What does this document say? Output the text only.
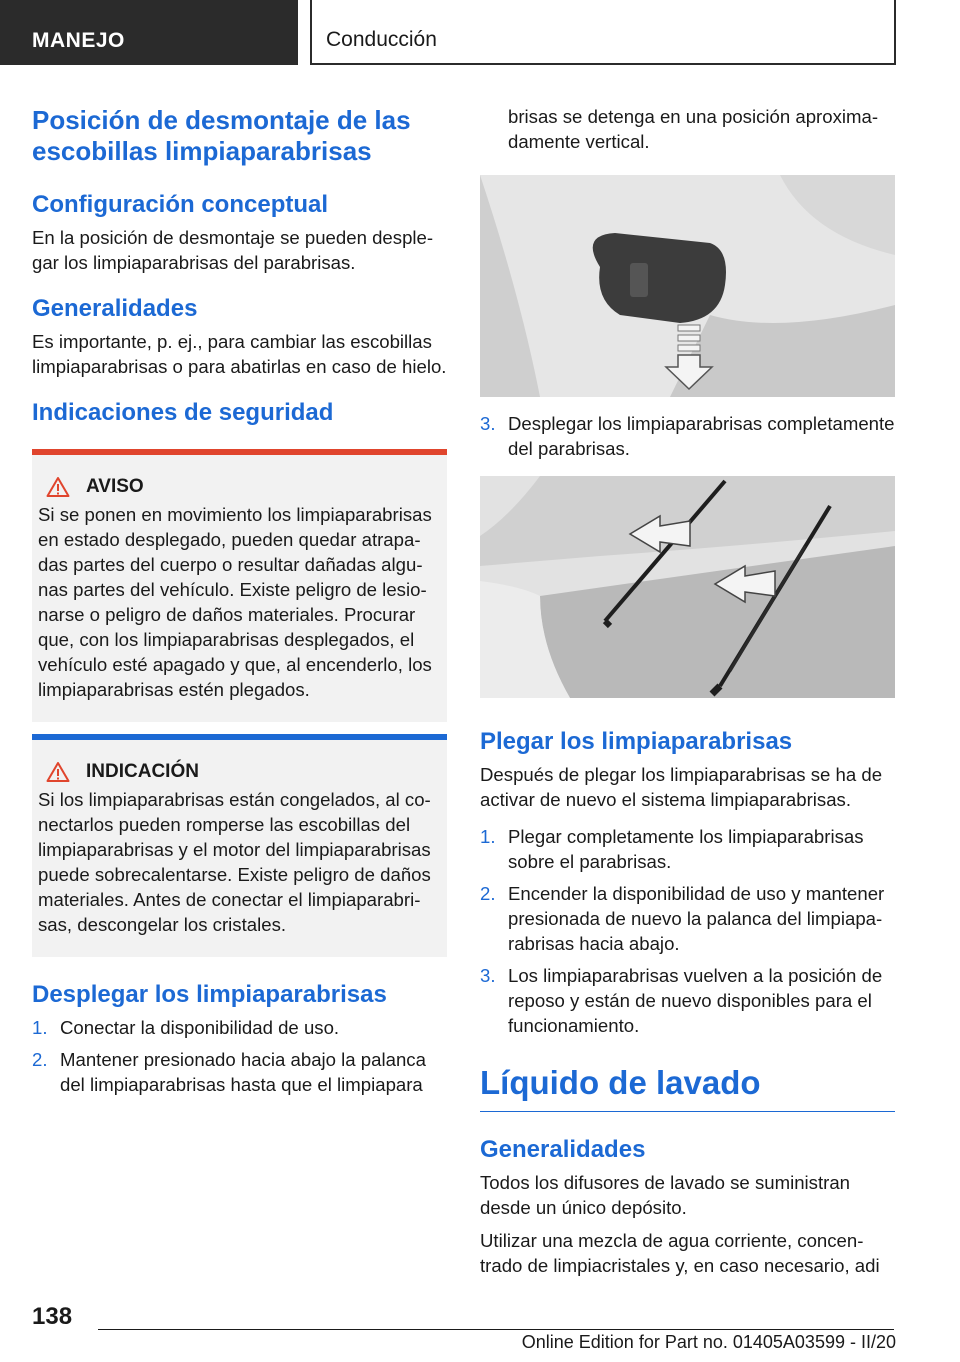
MANEJO	Conducción
Posición de desmontaje de las escobillas limpiaparabrisas
Configuración conceptual

En la posición de desmontaje se pueden desplegar los limpiaparabrisas del parabrisas.

Generalidades

Es importante, p. ej., para cambiar las escobillas limpiaparabrisas o para abatirlas en caso de hielo.

Indicaciones de seguridad
AVISO

Si se ponen en movimiento los limpiaparabrisas en estado desplegado, pueden quedar atrapadas partes del cuerpo o resultar dañadas algunas partes del vehículo. Existe peligro de lesionarse o peligro de daños materiales. Procurar que, con los limpiaparabrisas desplegados, el vehículo esté apagado y que, al encenderlo, los limpiaparabrisas estén plegados.

INDICACIÓN

Si los limpiaparabrisas están congelados, al conectarlos pueden romperse las escobillas del limpiaparabrisas y el motor del limpiaparabrisas puede sobrecalentarse. Existe peligro de daños materiales. Antes de conectar el limpiaparabrisas, descongelar los cristales.

Desplegar los limpiaparabrisas
1. Conectar la disponibilidad de uso.
2. Mantener presionado hacia abajo la palanca del limpiaparabrisas hasta que el limpiapara
brisas se detenga en una posición aproximadamente vertical.
3. Desplegar los limpiaparabrisas completamente del parabrisas.
Plegar los limpiaparabrisas

Después de plegar los limpiaparabrisas se ha de activar de nuevo el sistema limpiaparabrisas.

1. Plegar completamente los limpiaparabrisas sobre el parabrisas.
2. Encender la disponibilidad de uso y mantener presionada de nuevo la palanca del limpiaparabrisas hacia abajo.
3. Los limpiaparabrisas vuelven a la posición de reposo y están de nuevo disponibles para el funcionamiento.
Líquido de lavado
Generalidades

Todos los difusores de lavado se suministran desde un único depósito.

Utilizar una mezcla de agua corriente, concentrado de limpiacristales y, en caso necesario, adi

138
Online Edition for Part no. 01405A03599 - II/20
